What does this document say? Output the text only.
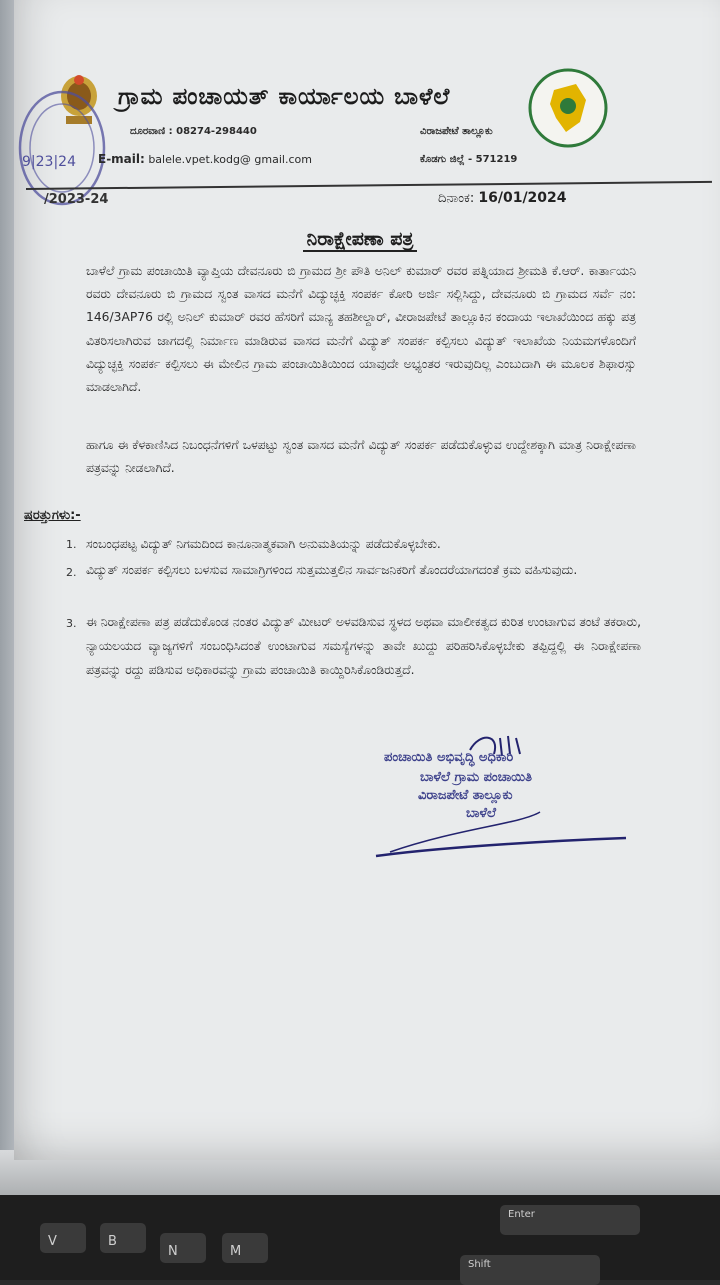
9|23|24
ಗ್ರಾಮ ಪಂಚಾಯತ್ ಕಾರ್ಯಾಲಯ ಬಾಳೆಲೆ
ದೂರವಾಣಿ : 08274-298440	ವಿರಾಜಪೇಟೆ ತಾಲ್ಲೂಕು
E-mail: balele.vpet.kodg@ gmail.com	ಕೊಡಗು ಜಿಲ್ಲೆ - 571219
/2023-24	ದಿನಾಂಕ: 16/01/2024
ನಿರಾಕ್ಷೇಪಣಾ ಪತ್ರ
ಬಾಳೆಲೆ ಗ್ರಾಮ ಪಂಚಾಯಿತಿ ವ್ಯಾಪ್ತಿಯ ದೇವನೂರು ಬಿ ಗ್ರಾಮದ ಶ್ರೀ ಪೌತಿ ಅನಿಲ್ ಕುಮಾರ್ ರವರ ಪತ್ನಿಯಾದ ಶ್ರೀಮತಿ ಕೆ.ಆರ್. ಕಾರ್ತಾಯನಿ ರವರು ದೇವನೂರು ಬಿ ಗ್ರಾಮದ ಸ್ವಂತ ವಾಸದ ಮನೆಗೆ ವಿದ್ಯುಚ್ಛಕ್ತಿ ಸಂಪರ್ಕ ಕೋರಿ ಅರ್ಜಿ ಸಲ್ಲಿಸಿದ್ದು, ದೇವನೂರು ಬಿ ಗ್ರಾಮದ ಸರ್ವೆ ನಂ: 146/3AP76 ರಲ್ಲಿ ಅನಿಲ್ ಕುಮಾರ್ ರವರ ಹೆಸರಿಗೆ ಮಾನ್ಯ ತಹಶೀಲ್ದಾರ್, ವೀರಾಜಪೇಟೆ ತಾಲ್ಲೂಕಿನ ಕಂದಾಯ ಇಲಾಖೆಯಿಂದ ಹಕ್ಕು ಪತ್ರ ವಿತರಿಸಲಾಗಿರುವ ಜಾಗದಲ್ಲಿ ನಿರ್ಮಾಣ ಮಾಡಿರುವ ವಾಸದ ಮನೆಗೆ ವಿದ್ಯುತ್ ಸಂಪರ್ಕ ಕಲ್ಪಿಸಲು ವಿದ್ಯುತ್ ಇಲಾಖೆಯ ನಿಯಮಗಳೊಂದಿಗೆ ವಿದ್ಯುಚ್ಛಕ್ತಿ ಸಂಪರ್ಕ ಕಲ್ಪಿಸಲು ಈ ಮೇಲಿನ ಗ್ರಾಮ ಪಂಚಾಯಿತಿಯಿಂದ ಯಾವುದೇ ಅಭ್ಯಂತರ ಇರುವುದಿಲ್ಲ ಎಂಬುದಾಗಿ ಈ ಮೂಲಕ ಶಿಫಾರಸ್ಸು ಮಾಡಲಾಗಿದೆ.
ಹಾಗೂ ಈ ಕೆಳಕಾಣಿಸಿದ ನಿಬಂಧನೆಗಳಿಗೆ ಒಳಪಟ್ಟು ಸ್ವಂತ ವಾಸದ ಮನೆಗೆ ವಿದ್ಯುತ್ ಸಂಪರ್ಕ ಪಡೆದುಕೊಳ್ಳುವ ಉದ್ದೇಶಕ್ಕಾಗಿ ಮಾತ್ರ ನಿರಾಕ್ಷೇಪಣಾ ಪತ್ರವನ್ನು ನೀಡಲಾಗಿದೆ.
ಷರತ್ತುಗಳು:-
1. ಸಂಬಂಧಪಟ್ಟ ವಿದ್ಯುತ್ ನಿಗಮದಿಂದ ಕಾನೂನಾತ್ಮಕವಾಗಿ ಅನುಮತಿಯನ್ನು ಪಡೆದುಕೊಳ್ಳಬೇಕು.
2. ವಿದ್ಯುತ್ ಸಂಪರ್ಕ ಕಲ್ಪಿಸಲು ಬಳಸುವ ಸಾಮಾಗ್ರಿಗಳಿಂದ ಸುತ್ತಮುತ್ತಲಿನ ಸಾರ್ವಜನಿಕರಿಗೆ ತೊಂದರೆಯಾಗದಂತೆ ಕ್ರಮ ವಹಿಸುವುದು.
3. ಈ ನಿರಾಕ್ಷೇಪಣಾ ಪತ್ರ ಪಡೆದುಕೊಂಡ ನಂತರ ವಿದ್ಯುತ್ ಮೀಟರ್ ಅಳವಡಿಸುವ ಸ್ಥಳದ ಅಥವಾ ಮಾಲೀಕತ್ವದ ಕುರಿತ ಉಂಟಾಗುವ ತಂಟೆ ತಕರಾರು, ನ್ಯಾಯಲಯದ ವ್ಯಾಜ್ಯಗಳಿಗೆ ಸಂಬಂಧಿಸಿದಂತೆ ಉಂಟಾಗುವ ಸಮಸ್ಯೆಗಳನ್ನು ತಾವೇ ಖುದ್ದು ಪರಿಹರಿಸಿಕೊಳ್ಳಬೇಕು ತಪ್ಪಿದ್ದಲ್ಲಿ ಈ ನಿರಾಕ್ಷೇಪಣಾ ಪತ್ರವನ್ನು ರದ್ದು ಪಡಿಸುವ ಅಧಿಕಾರವನ್ನು ಗ್ರಾಮ ಪಂಚಾಯಿತಿ ಕಾಯ್ದಿರಿಸಿಕೊಂಡಿರುತ್ತದೆ.
ಪಂಚಾಯಿತಿ ಅಭಿವೃದ್ಧಿ ಅಧಿಕಾರಿ
ಬಾಳೆಲೆ ಗ್ರಾಮ ಪಂಚಾಯಿತಿ
ವಿರಾಜಪೇಟೆ ತಾಲ್ಲೂಕು
ಬಾಳೆಲೆ
V	B
N	M
Enter
Shift
